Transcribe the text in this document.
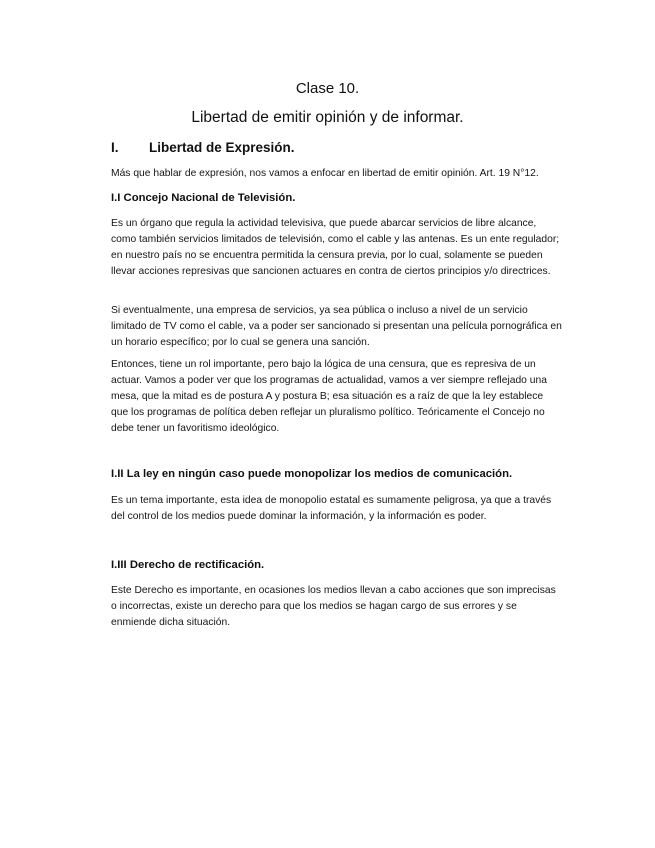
Clase 10.
Libertad de emitir opinión y de informar.
I. Libertad de Expresión.
Más que hablar de expresión, nos vamos a enfocar en libertad de emitir opinión. Art. 19 N°12.
I.I Concejo Nacional de Televisión.
Es un órgano que regula la actividad televisiva, que puede abarcar servicios de libre alcance, como también servicios limitados de televisión, como el cable y las antenas. Es un ente regulador; en nuestro país no se encuentra permitida la censura previa, por lo cual, solamente se pueden llevar acciones represivas que sancionen actuares en contra de ciertos principios y/o directrices.
Si eventualmente, una empresa de servicios, ya sea pública o incluso a nivel de un servicio limitado de TV como el cable, va a poder ser sancionado si presentan una película pornográfica en un horario específico; por lo cual se genera una sanción.
Entonces, tiene un rol importante, pero bajo la lógica de una censura, que es represiva de un actuar. Vamos a poder ver que los programas de actualidad, vamos a ver siempre reflejado una mesa, que la mitad es de postura A y postura B; esa situación es a raíz de que la ley establece que los programas de política deben reflejar un pluralismo político. Teóricamente el Concejo no debe tener un favoritismo ideológico.
I.II La ley en ningún caso puede monopolizar los medios de comunicación.
Es un tema importante, esta idea de monopolio estatal es sumamente peligrosa, ya que a través del control de los medios puede dominar la información, y la información es poder.
I.III Derecho de rectificación.
Este Derecho es importante, en ocasiones los medios llevan a cabo acciones que son imprecisas o incorrectas, existe un derecho para que los medios se hagan cargo de sus errores y se enmiende dicha situación.
